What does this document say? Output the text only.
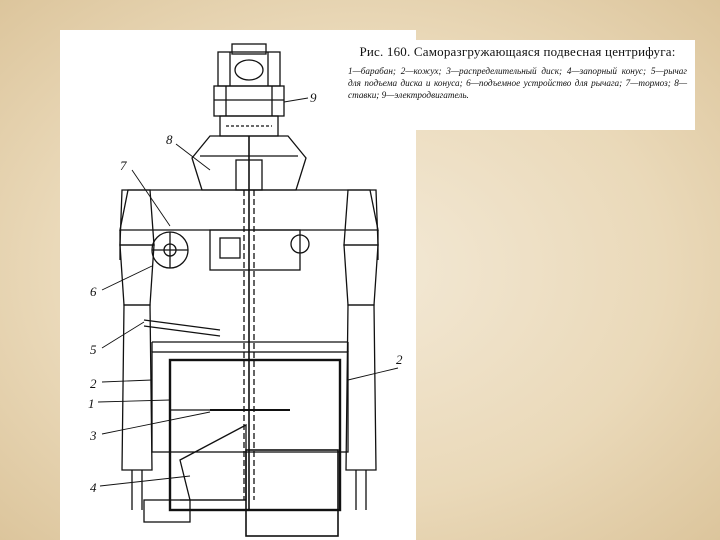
9
8
7
6
5
2
1
3
4
2
Рис. 160. Саморазгружающаяся подвесная центрифуга:
1—барабан; 2—кожух; 3—распределительный диск; 4—запорный конус; 5—рычаг для подъема диска и конуса; 6—подъемное устройство для рычага; 7—тормоз; 8—ставки; 9—электродвигатель.
